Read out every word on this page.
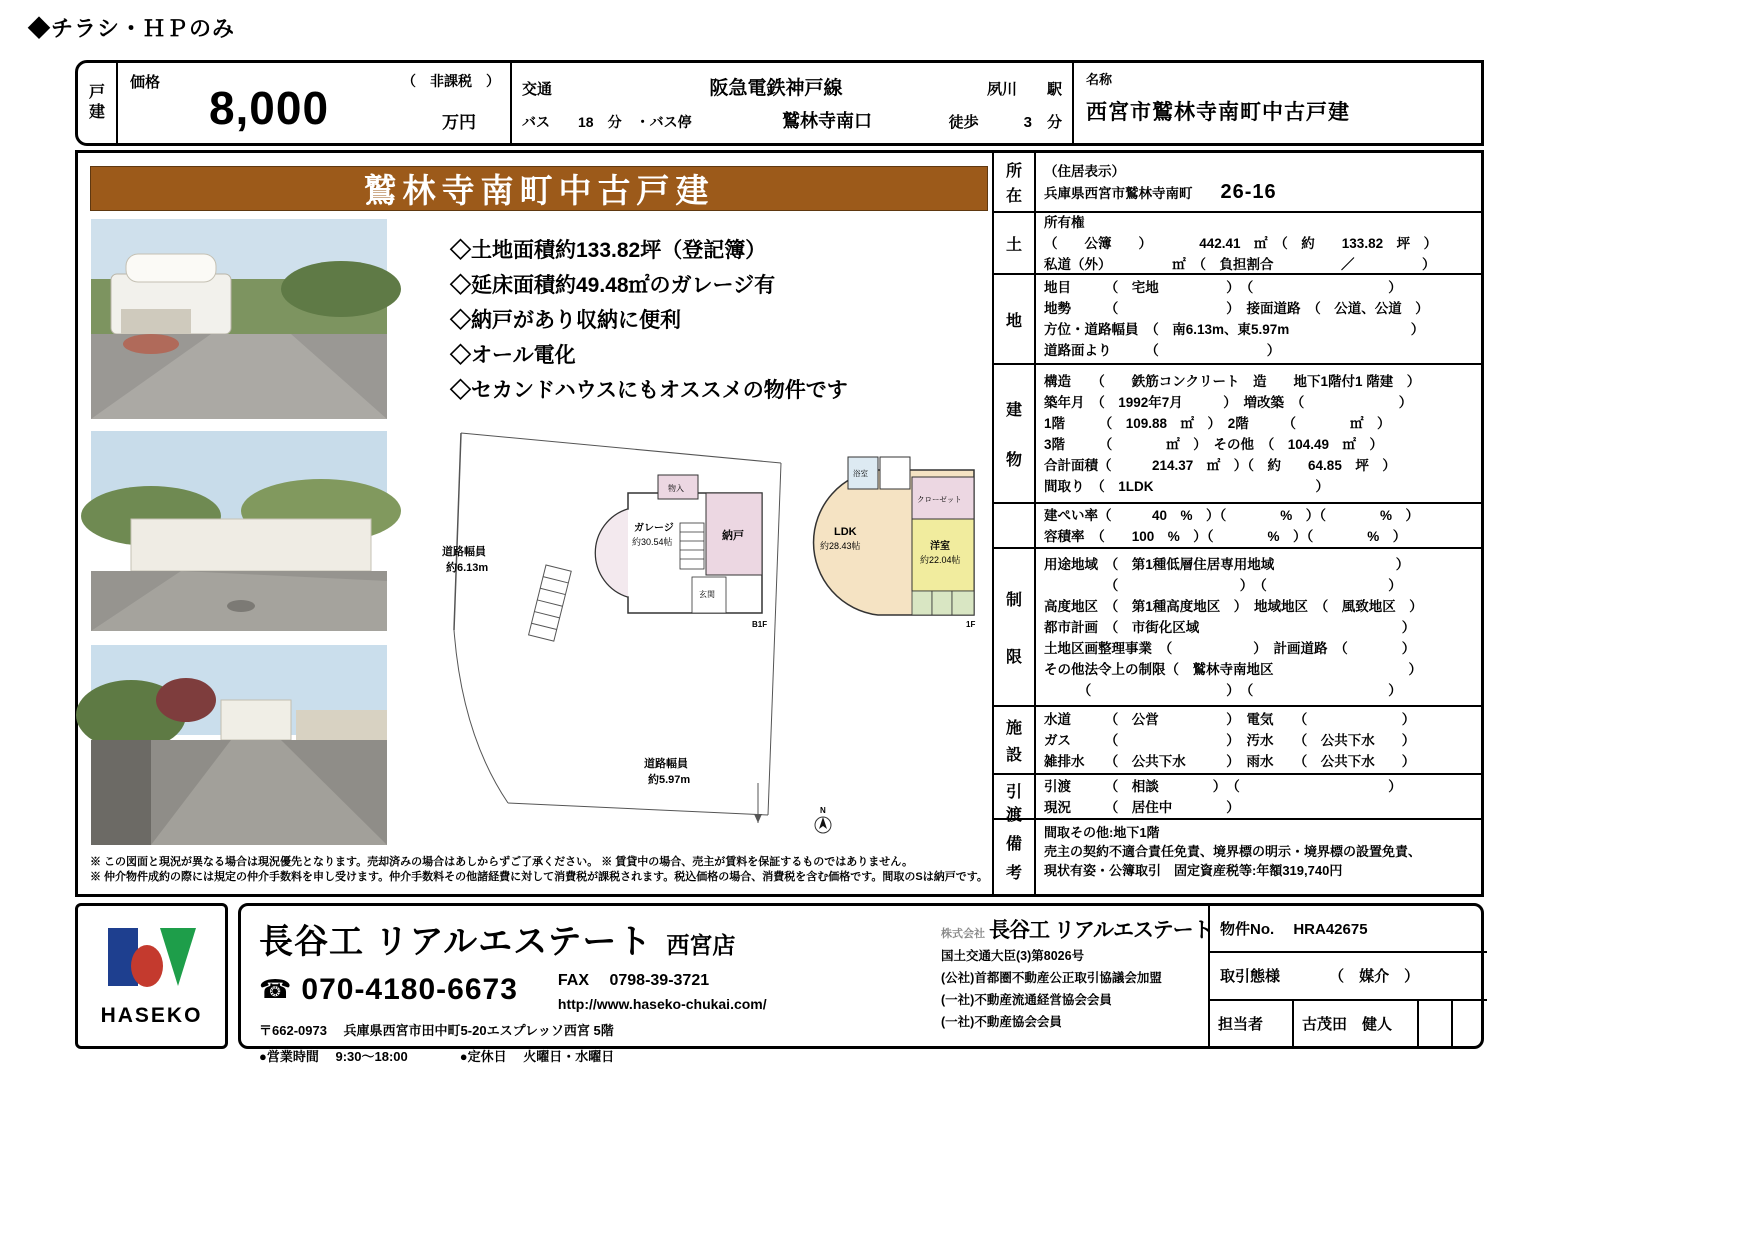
◆チラシ・ＨＰのみ
戸
建
価格	（　非課税　）
8,000	万円
交通	阪急電鉄神戸線	夙川　　駅
バス　　18　分　・バス停	鷲林寺南口	徒歩　　　3　分
名称
西宮市鷲林寺南町中古戸建
鷲林寺南町中古戸建
◇土地面積約133.82坪（登記簿）
◇延床面積約49.48㎡のガレージ有
◇納戸があり収納に便利
◇オール電化
◇セカンドハウスにもオススメの物件です
道路幅員
約6.13m
道路幅員
約5.97m
物入
納戸
ガレージ
約30.54帖
玄関
B1F
浴室
クローゼット
洋室
約22.04帖
LDK
約28.43帖
1F
N
※ この図面と現況が異なる場合は現況優先となります。売却済みの場合はあしからずご了承ください。 ※ 賃貸中の場合、売主が賃料を保証するものではありません。
※ 仲介物件成約の際には規定の仲介手数料を申し受けます。仲介手数料その他諸経費に対して消費税が課税されます。税込価格の場合、消費税を含む価格です。間取のSは納戸です。
所
在
（住居表示）
兵庫県西宮市鷲林寺南町 26-16
土
所有権
（　　公簿　　）　　　　442.41　㎡　（　約　　133.82　坪　）
私道（外）　　　　　㎡　（　負担割合　　　　　／　　　　　）
地
地目　　　（　宅地　　　　　）　（　　　　　　　　　　）
地勢　　　（　　　　　　　　）　接面道路　（　公道、公道　）
方位・道路幅員　（　南6.13m、東5.97m　　　　　　　　　）
道路面より　　　（　　　　　　　　）
建
物
構造　　（　　鉄筋コンクリート　造　　地下1階付1 階建　）
築年月　（　1992年7月　　　）　増改築　（　　　　　　　）
1階　　　（　109.88　㎡　）　2階　　　（　　　　㎡　）
3階　　　（　　　　㎡　）　その他　（　104.49　㎡　）
合計面積（　　　214.37　㎡　）（　約　　64.85　坪　）
間取り　（　1LDK　　　　　　　　　　　　）
建ぺい率（　　　40　%　）（　　　　%　）（　　　　%　）
容積率　（　　100　%　）（　　　　%　）（　　　　%　）
制
限
用途地域　（　第1種低層住居専用地域　　　　　　　　　）
　　　　　（　　　　　　　　　）　（　　　　　　　　　）
高度地区　（　第1種高度地区　）　地域地区　（　風致地区　）
都市計画　（　市街化区域　　　　　　　　　　　　　　　）
土地区画整理事業　（　　　　　　）　計画道路　（　　　　）
その他法令上の制限（　鷲林寺南地区　　　　　　　　　　）
　　　（　　　　　　　　　　）　（　　　　　　　　　　）
施
設
水道　　　（　公営　　　　　）　電気　　（　　　　　　　）
ガス　　　（　　　　　　　　）　汚水　　（　公共下水　　）
雑排水　　（　公共下水　　　）　雨水　　（　公共下水　　）
引
渡
引渡　　　（　相談　　　　）　（　　　　　　　　　　　）
現況　　　（　居住中　　　　）
備
考
間取その他:地下1階
売主の契約不適合責任免責、境界標の明示・境界標の設置免責、
現状有姿・公簿取引　固定資産税等:年額319,740円
HASEKO
長谷工 リアルエステート 西宮店
☎ 070-4180-6673	FAX　 0798-39-3721
http://www.haseko-chukai.com/
〒662-0973　 兵庫県西宮市田中町5-20エスプレッソ西宮 5階
●営業時間　 9:30～18:00　　　　●定休日　 火曜日・水曜日
株式会社 長谷工 リアルエステート
国土交通大臣(3)第8026号
(公社)首都圏不動産公正取引協議会加盟
(一社)不動産流通経営協会会員
(一社)不動産協会会員
物件No.　 HRA42675
取引態様　　　 （　媒介　）
担当者	古茂田　健人
